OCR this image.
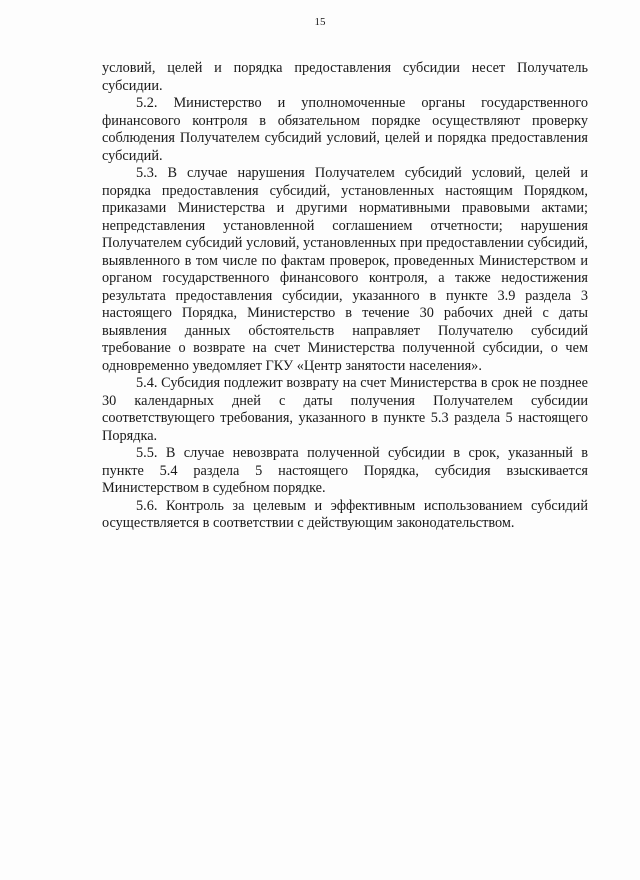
15

условий, целей и порядка предоставления субсидии несет Получатель субсидии.

5.2. Министерство и уполномоченные органы государственного финансового контроля в обязательном порядке осуществляют проверку соблюдения Получателем субсидий условий, целей и порядка предоставления субсидий.

5.3. В случае нарушения Получателем субсидий условий, целей и порядка предоставления субсидий, установленных настоящим Порядком, приказами Министерства и другими нормативными правовыми актами; непредставления установленной соглашением отчетности; нарушения Получателем субсидий условий, установленных при предоставлении субсидий, выявленного в том числе по фактам проверок, проведенных Министерством и органом государственного финансового контроля, а также недостижения результата предоставления субсидии, указанного в пункте 3.9 раздела 3 настоящего Порядка, Министерство в течение 30 рабочих дней с даты выявления данных обстоятельств направляет Получателю субсидий требование о возврате на счет Министерства полученной субсидии, о чем одновременно уведомляет ГКУ «Центр занятости населения».

5.4. Субсидия подлежит возврату на счет Министерства в срок не позднее 30 календарных дней с даты получения Получателем субсидии соответствующего требования, указанного в пункте 5.3 раздела 5 настоящего Порядка.

5.5. В случае невозврата полученной субсидии в срок, указанный в пункте 5.4 раздела 5 настоящего Порядка, субсидия взыскивается Министерством в судебном порядке.

5.6. Контроль за целевым и эффективным использованием субсидий осуществляется в соответствии с действующим законодательством.
